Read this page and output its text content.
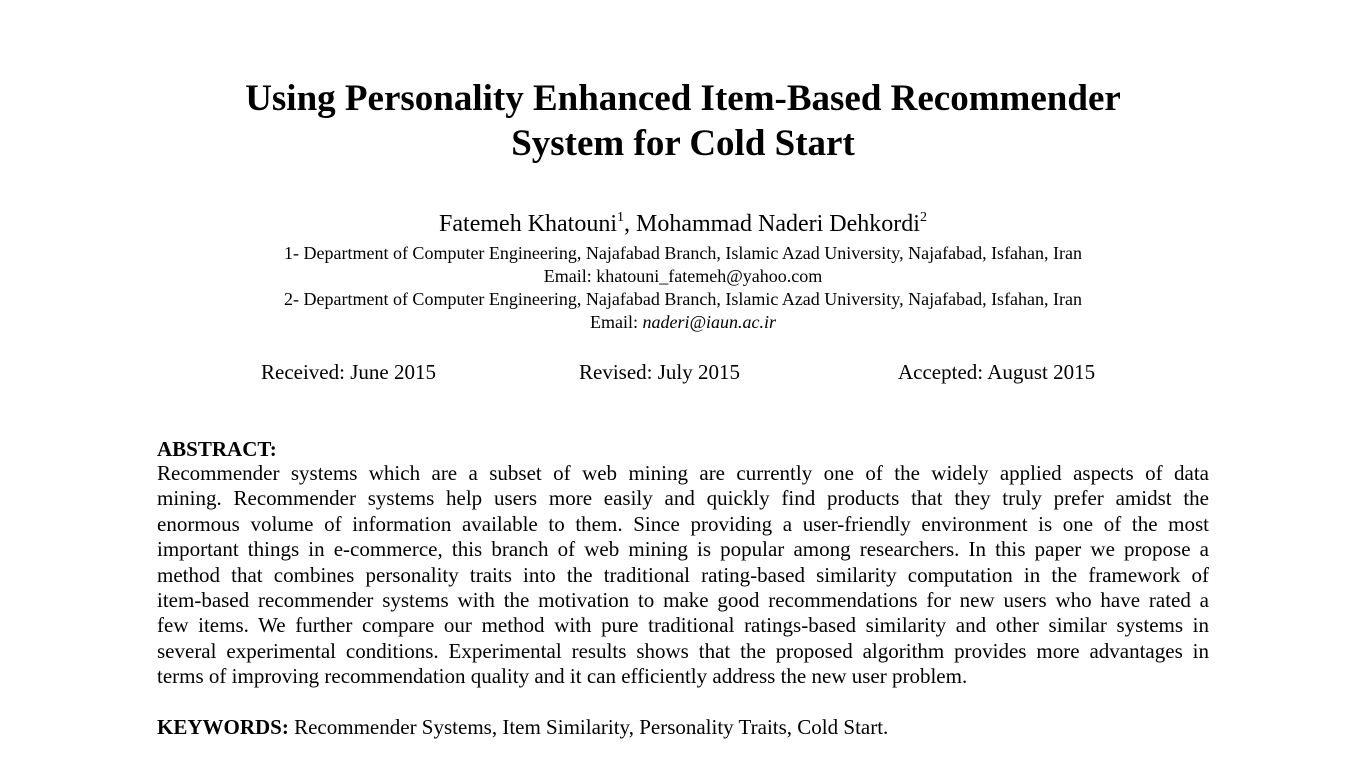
Using Personality Enhanced Item-Based Recommender
System for Cold Start
Fatemeh Khatouni$^1$, Mohammad Naderi Dehkordi$^2$
1- Department of Computer Engineering, Najafabad Branch, Islamic Azad University, Najafabad, Isfahan, Iran
Email: khatouni_fatemeh@yahoo.com
2- Department of Computer Engineering, Najafabad Branch, Islamic Azad University, Najafabad, Isfahan, Iran
Email: naderi@iaun.ac.ir
Received: June 2015	Revised: July 2015	Accepted: August 2015
ABSTRACT:
Recommender systems which are a subset of web mining are currently one of the widely applied aspects of data
mining. Recommender systems help users more easily and quickly find products that they truly prefer amidst the
enormous volume of information available to them. Since providing a user-friendly environment is one of the most
important things in e-commerce, this branch of web mining is popular among researchers. In this paper we propose a
method that combines personality traits into the traditional rating-based similarity computation in the framework of
item-based recommender systems with the motivation to make good recommendations for new users who have rated a
few items. We further compare our method with pure traditional ratings-based similarity and other similar systems in
several experimental conditions. Experimental results shows that the proposed algorithm provides more advantages in
terms of improving recommendation quality and it can efficiently address the new user problem.
KEYWORDS: Recommender Systems, Item Similarity, Personality Traits, Cold Start.
